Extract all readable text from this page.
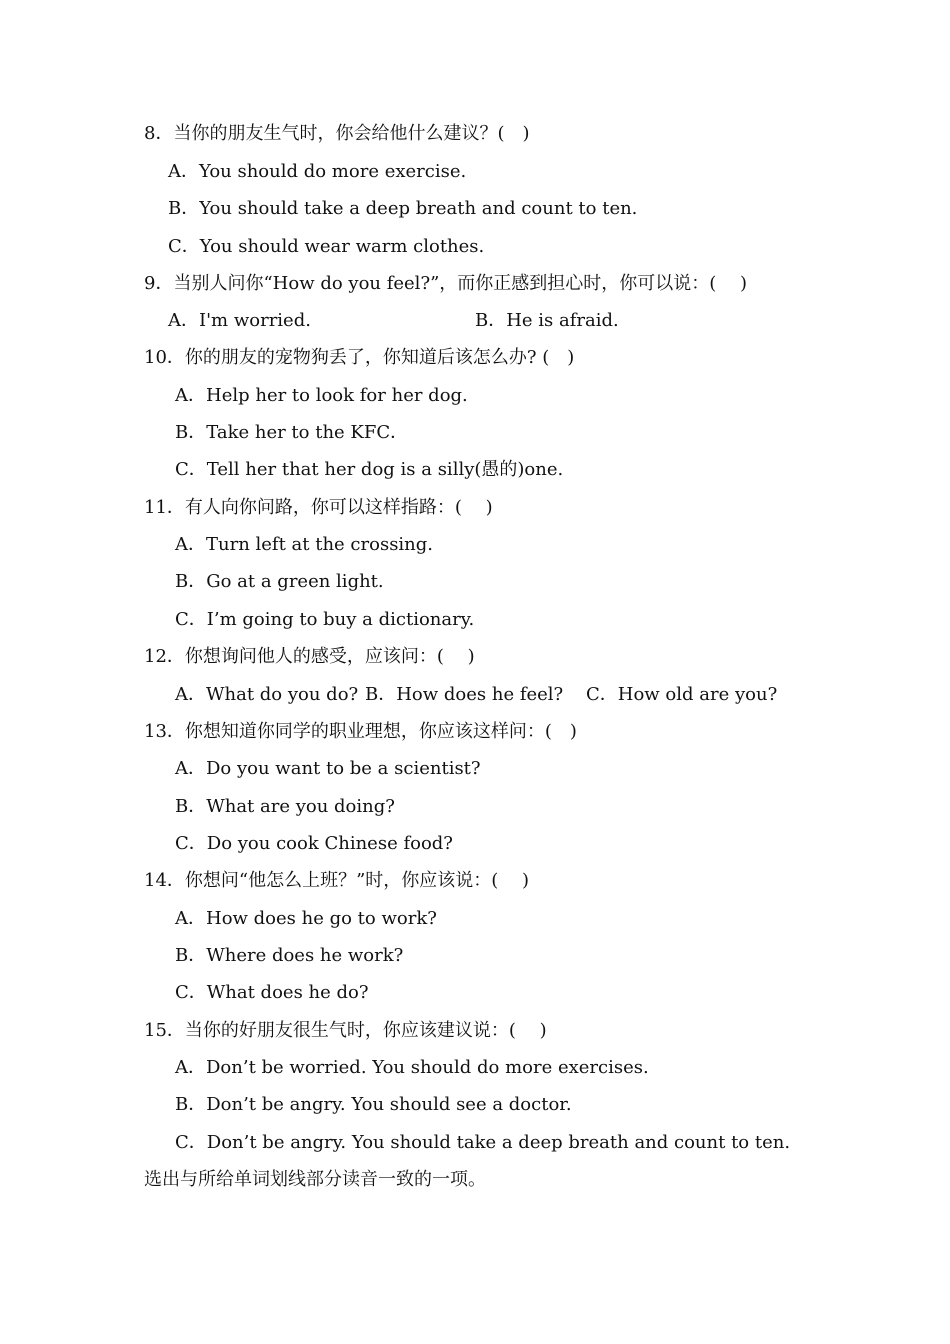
8．当你的朋友生气时，你会给他什么建议？(　)
A．You should do more exercise.
B．You should take a deep breath and count to ten.
C．You should wear warm clothes.
9．当别人问你“How do you feel?”，而你正感到担心时，你可以说：(　 )
A．I'm worried.	B．He is afraid.
10．你的朋友的宠物狗丢了，你知道后该怎么办? (　)
A．Help her to look for her dog.
B．Take her to the KFC．
C．Tell her that her dog is a silly(愚的)one.
11．有人向你问路，你可以这样指路：(　 )
A．Turn left at the crossing.
B．Go at a green light.
C．I’m going to buy a dictionary.
12．你想询问他人的感受，应该问：(　 )
A．What do you do? B．How does he feel? C．How old are you?
13．你想知道你同学的职业理想，你应该这样问：(　)
A．Do you want to be a scientist?
B．What are you doing?
C．Do you cook Chinese food?
14．你想问“他怎么上班？”时，你应该说：(　 )
A．How does he go to work?
B．Where does he work?
C．What does he do?
15．当你的好朋友很生气时，你应该建议说：(　 )
A．Don’t be worried. You should do more exercises.
B．Don’t be angry. You should see a doctor.
C．Don’t be angry. You should take a deep breath and count to ten.
选出与所给单词划线部分读音一致的一项。
